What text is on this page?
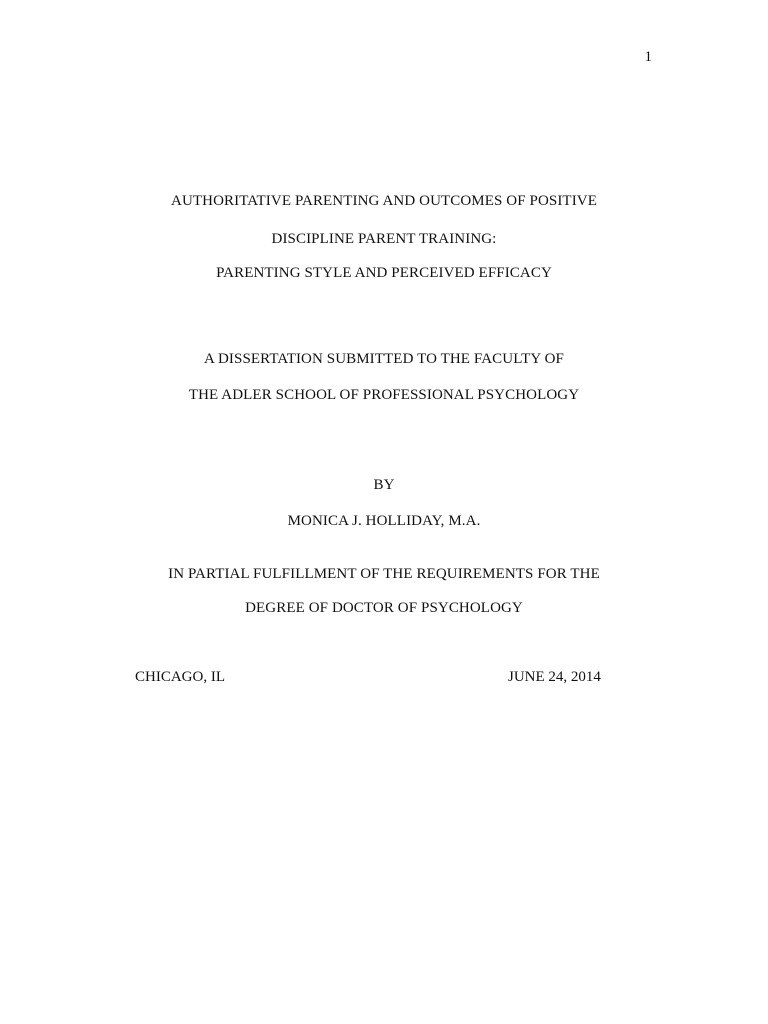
1
AUTHORITATIVE PARENTING AND OUTCOMES OF POSITIVE
DISCIPLINE PARENT TRAINING:
PARENTING STYLE AND PERCEIVED EFFICACY
A DISSERTATION SUBMITTED TO THE FACULTY OF
THE ADLER SCHOOL OF PROFESSIONAL PSYCHOLOGY
BY
MONICA J. HOLLIDAY, M.A.
IN PARTIAL FULFILLMENT OF THE REQUIREMENTS FOR THE
DEGREE OF DOCTOR OF PSYCHOLOGY
CHICAGO, IL	JUNE 24, 2014
